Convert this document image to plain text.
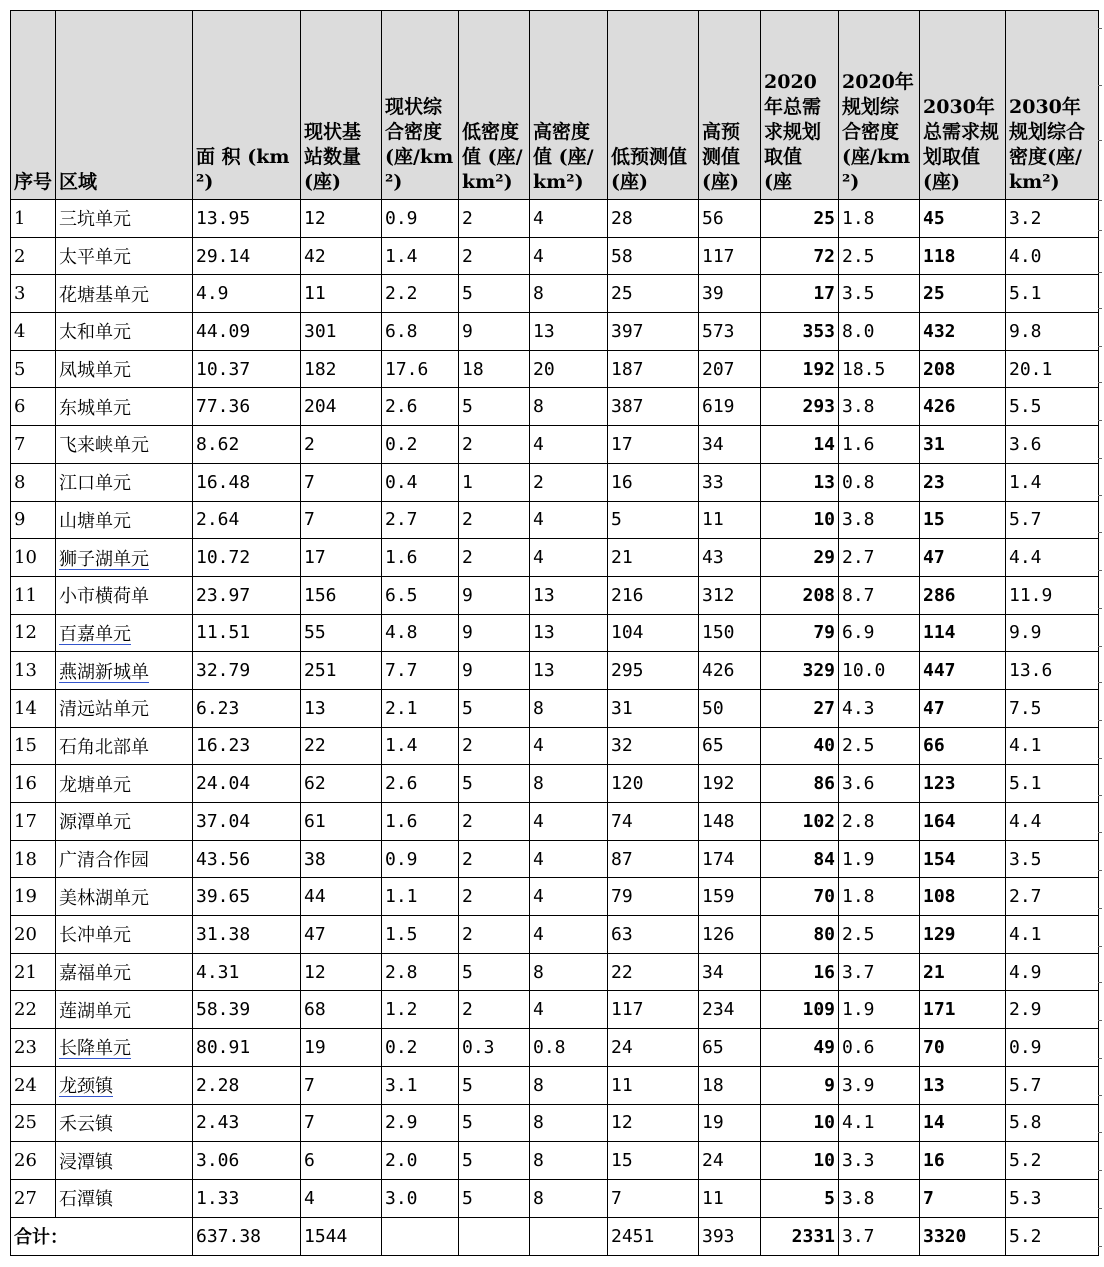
序号	区域	面 积 (km²)	现状基站数量 (座)	现状综合密度 (座/km²)	低密度值 (座/km²)	高密度值 (座/km²)	低预测值 (座)	高预测值 (座)	2020年总需求规划取值 (座	2020年规划综合密度(座/km²)	2030年总需求规划取值 (座)	2030年规划综合密度(座/km²)

1	三坑单元	13.95	12	0.9	2	4	28	56	25	1.8	45	3.2
2	太平单元	29.14	42	1.4	2	4	58	117	72	2.5	118	4.0
3	花塘基单元	4.9	11	2.2	5	8	25	39	17	3.5	25	5.1
4	太和单元	44.09	301	6.8	9	13	397	573	353	8.0	432	9.8
5	凤城单元	10.37	182	17.6	18	20	187	207	192	18.5	208	20.1
6	东城单元	77.36	204	2.6	5	8	387	619	293	3.8	426	5.5
7	飞来峡单元	8.62	2	0.2	2	4	17	34	14	1.6	31	3.6
8	江口单元	16.48	7	0.4	1	2	16	33	13	0.8	23	1.4
9	山塘单元	2.64	7	2.7	2	4	5	11	10	3.8	15	5.7
10	狮子湖单元	10.72	17	1.6	2	4	21	43	29	2.7	47	4.4
11	小市横荷单	23.97	156	6.5	9	13	216	312	208	8.7	286	11.9
12	百嘉单元	11.51	55	4.8	9	13	104	150	79	6.9	114	9.9
13	燕湖新城单	32.79	251	7.7	9	13	295	426	329	10.0	447	13.6
14	清远站单元	6.23	13	2.1	5	8	31	50	27	4.3	47	7.5
15	石角北部单	16.23	22	1.4	2	4	32	65	40	2.5	66	4.1
16	龙塘单元	24.04	62	2.6	5	8	120	192	86	3.6	123	5.1
17	源潭单元	37.04	61	1.6	2	4	74	148	102	2.8	164	4.4
18	广清合作园	43.56	38	0.9	2	4	87	174	84	1.9	154	3.5
19	美林湖单元	39.65	44	1.1	2	4	79	159	70	1.8	108	2.7
20	长冲单元	31.38	47	1.5	2	4	63	126	80	2.5	129	4.1
21	嘉福单元	4.31	12	2.8	5	8	22	34	16	3.7	21	4.9
22	莲湖单元	58.39	68	1.2	2	4	117	234	109	1.9	171	2.9
23	长降单元	80.91	19	0.2	0.3	0.8	24	65	49	0.6	70	0.9
24	龙颈镇	2.28	7	3.1	5	8	11	18	9	3.9	13	5.7
25	禾云镇	2.43	7	2.9	5	8	12	19	10	4.1	14	5.8
26	浸潭镇	3.06	6	2.0	5	8	15	24	10	3.3	16	5.2
27	石潭镇	1.33	4	3.0	5	8	7	11	5	3.8	7	5.3
合计：		637.38	1544				2451	393	2331	3.7	3320	5.2
